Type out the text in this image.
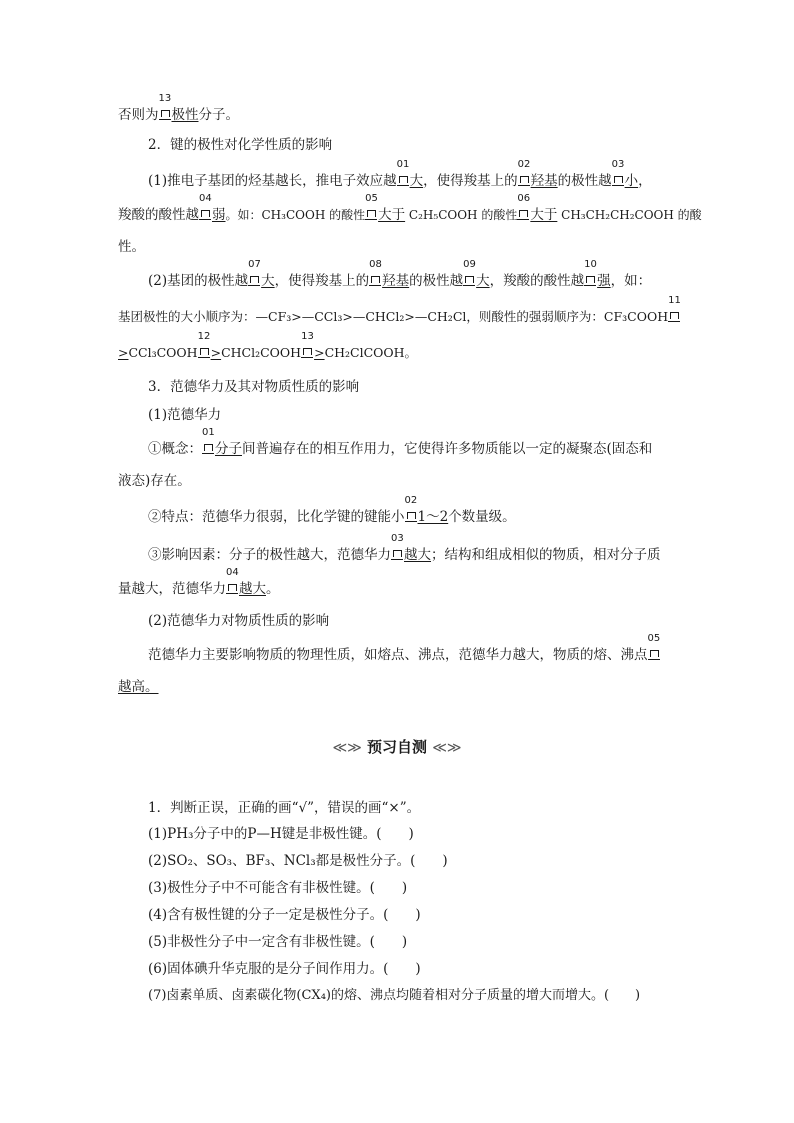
否则为
13
极性分子。
2．键的极性对化学性质的影响
(1)推电子基团的烃基越长，推电子效应越
01
大，使得羧基上的
02
羟基的极性越
03
小，
羧酸的酸性越
04
弱。如：CH₃COOH 的酸性
05
大于 C₂H₅COOH 的酸性
06
大于 CH₃CH₂CH₂COOH 的酸
性。
(2)基团的极性越
07
大，使得羧基上的
08
羟基的极性越
09
大，羧酸的酸性越
10
强，如：
基团极性的大小顺序为：—CF₃>—CCl₃>—CHCl₂>—CH₂Cl，则酸性的强弱顺序为：CF₃COOH
11
>CCl₃COOH
12
>CHCl₂COOH
13
>CH₂ClCOOH。
3．范德华力及其对物质性质的影响
(1)范德华力
①概念：
01
分子间普遍存在的相互作用力，它使得许多物质能以一定的凝聚态(固态和
液态)存在。
②特点：范德华力很弱，比化学键的键能小
02
1～2个数量级。
③影响因素：分子的极性越大，范德华力
03
越大；结构和组成相似的物质，相对分子质
量越大，范德华力
04
越大。
(2)范德华力对物质性质的影响
范德华力主要影响物质的物理性质，如熔点、沸点，范德华力越大，物质的熔、沸点
05
越高。
≪≫ 预习自测 ≪≫
1．判断正误，正确的画“√”，错误的画“×”。
(1)PH₃分子中的P—H键是非极性键。(　　)
(2)SO₂、SO₃、BF₃、NCl₃都是极性分子。(　　)
(3)极性分子中不可能含有非极性键。(　　)
(4)含有极性键的分子一定是极性分子。(　　)
(5)非极性分子中一定含有非极性键。(　　)
(6)固体碘升华克服的是分子间作用力。(　　)
(7)卤素单质、卤素碳化物(CX₄)的熔、沸点均随着相对分子质量的增大而增大。(　　)
